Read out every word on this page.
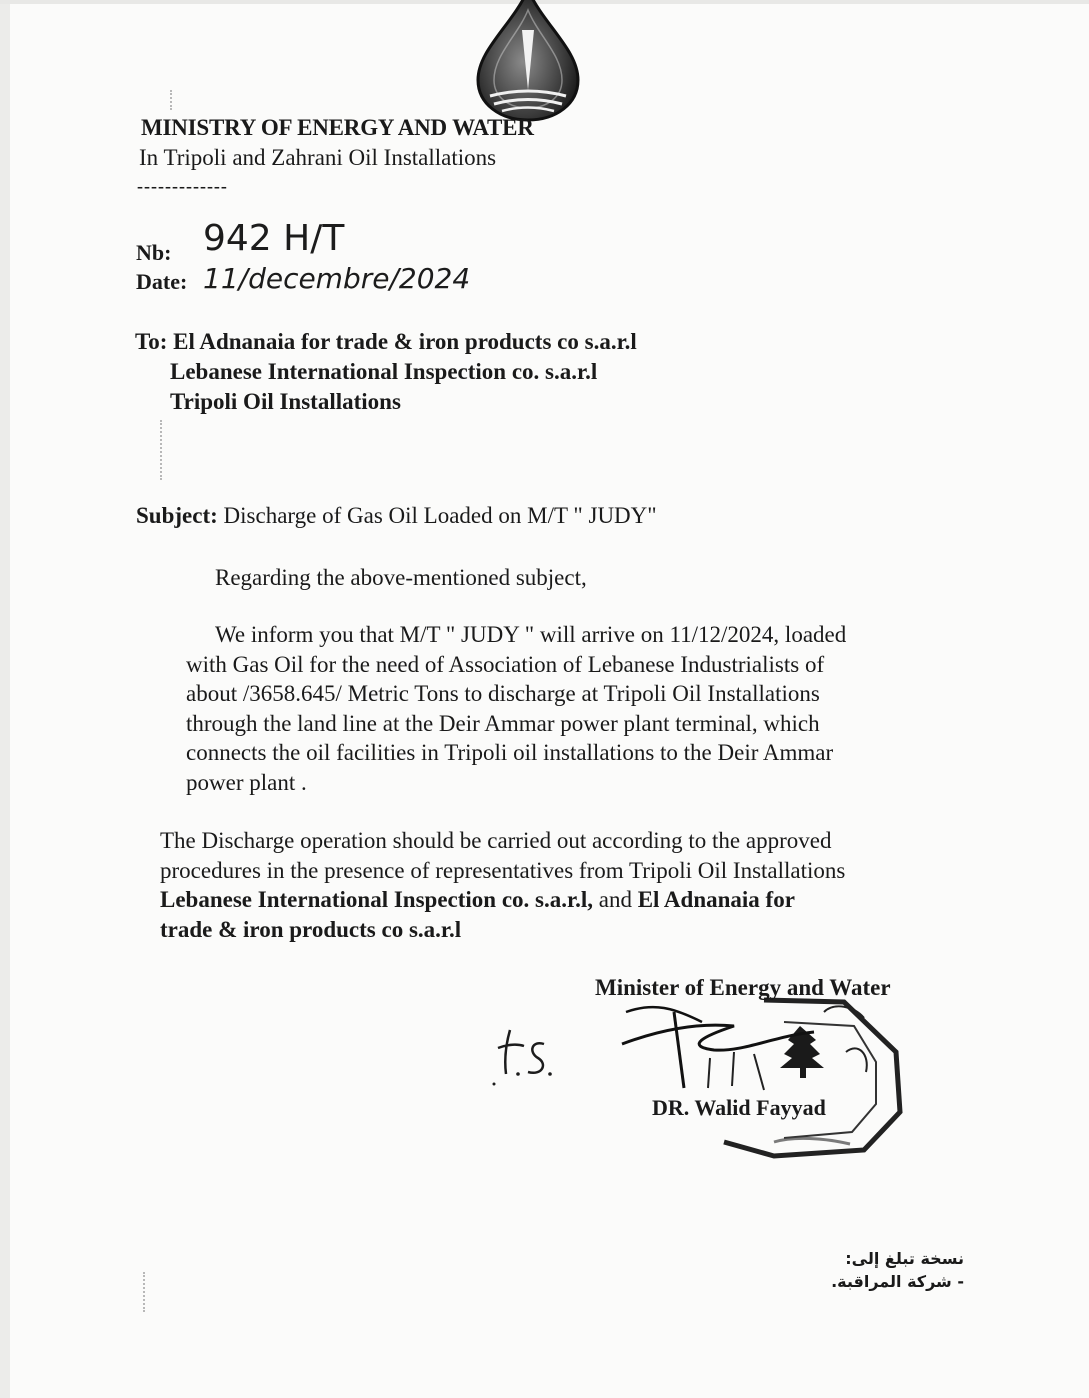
MINISTRY OF ENERGY AND WATER
In Tripoli and Zahrani Oil Installations
-------------
Nb: 942 H/T
Date: 11/decembre/2024
To: El Adnanaia for trade & iron products co s.a.r.l
Lebanese International Inspection co. s.a.r.l
Tripoli Oil Installations
Subject: Discharge of Gas Oil Loaded on M/T " JUDY"
Regarding the above-mentioned subject,
We inform you that M/T " JUDY " will arrive on 11/12/2024, loaded
with Gas Oil for the need of Association of Lebanese Industrialists of
about /3658.645/ Metric Tons to discharge at Tripoli Oil Installations
through the land line at the Deir Ammar power plant terminal, which
connects the oil facilities in Tripoli oil installations to the Deir Ammar
power plant .
The Discharge operation should be carried out according to the approved
procedures in the presence of representatives from Tripoli Oil Installations
Lebanese International Inspection co. s.a.r.l, and El Adnanaia for
trade & iron products co s.a.r.l
Minister of Energy and Water
DR. Walid Fayyad
نسخة تبلغ إلى:
- شركة المراقبة.
